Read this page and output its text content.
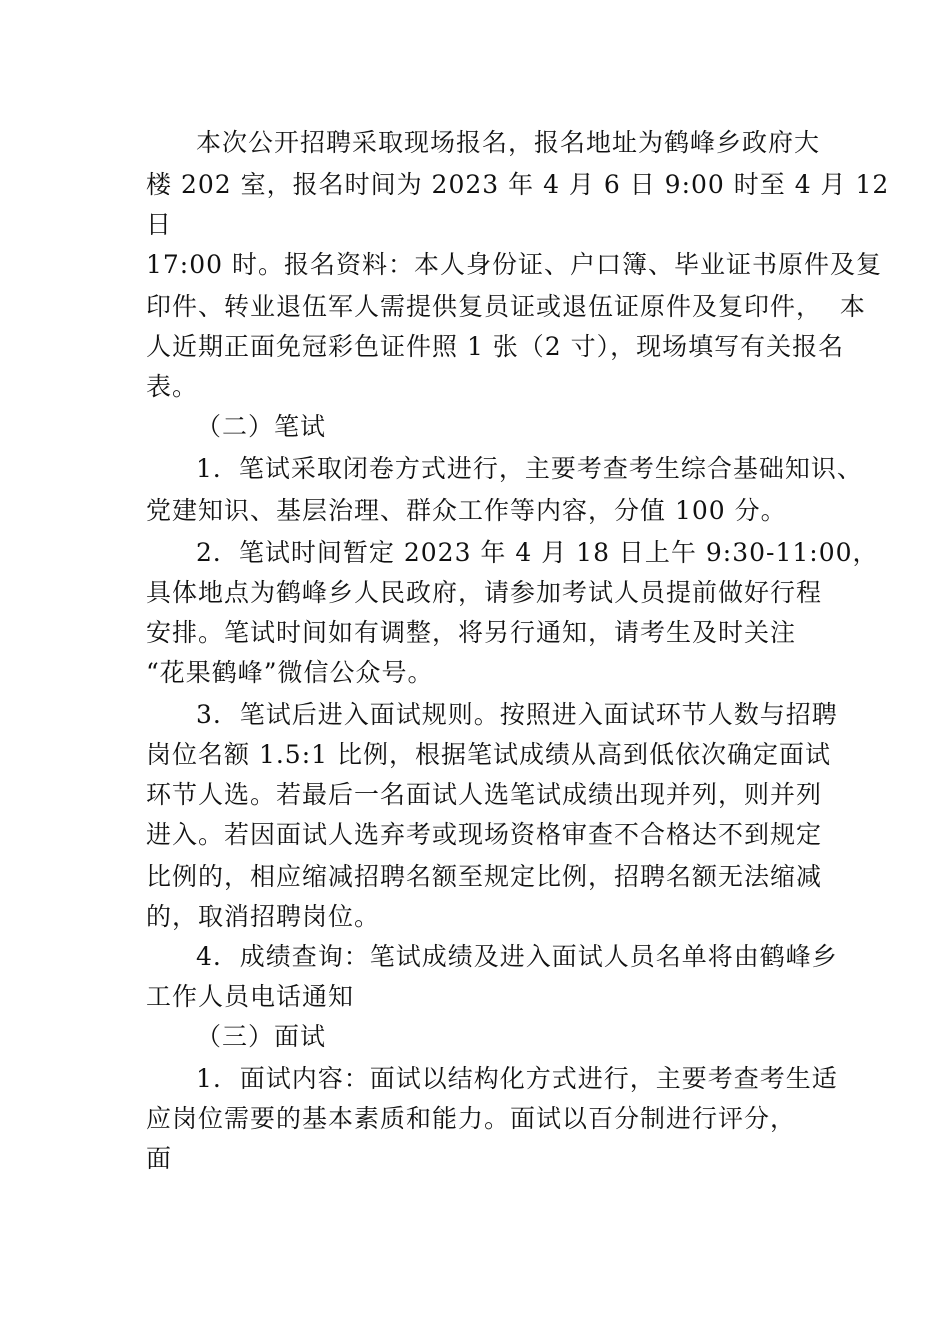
本次公开招聘采取现场报名，报名地址为鹤峰乡政府大
楼 202 室，报名时间为 2023 年 4 月 6 日 9:00 时至 4 月 12
日
17:00 时。报名资料：本人身份证、户口簿、毕业证书原件及复
印件、转业退伍军人需提供复员证或退伍证原件及复印件，  本
人近期正面免冠彩色证件照 1 张（2 寸），现场填写有关报名
表。
（二）笔试
1．笔试采取闭卷方式进行，主要考查考生综合基础知识、
党建知识、基层治理、群众工作等内容，分值 100 分。
2．笔试时间暂定 2023 年 4 月 18 日上午 9:30-11:00，
具体地点为鹤峰乡人民政府，请参加考试人员提前做好行程
安排。笔试时间如有调整，将另行通知，请考生及时关注
“花果鹤峰”微信公众号。
3.  笔试后进入面试规则。按照进入面试环节人数与招聘
岗位名额 1.5:1 比例，根据笔试成绩从高到低依次确定面试
环节人选。若最后一名面试人选笔试成绩出现并列，则并列
进入。若因面试人选弃考或现场资格审查不合格达不到规定
比例的，相应缩减招聘名额至规定比例，招聘名额无法缩减
的，取消招聘岗位。
4.  成绩查询：笔试成绩及进入面试人员名单将由鹤峰乡
工作人员电话通知
（三）面试
1.  面试内容：面试以结构化方式进行，主要考查考生适
应岗位需要的基本素质和能力。面试以百分制进行评分，
面
